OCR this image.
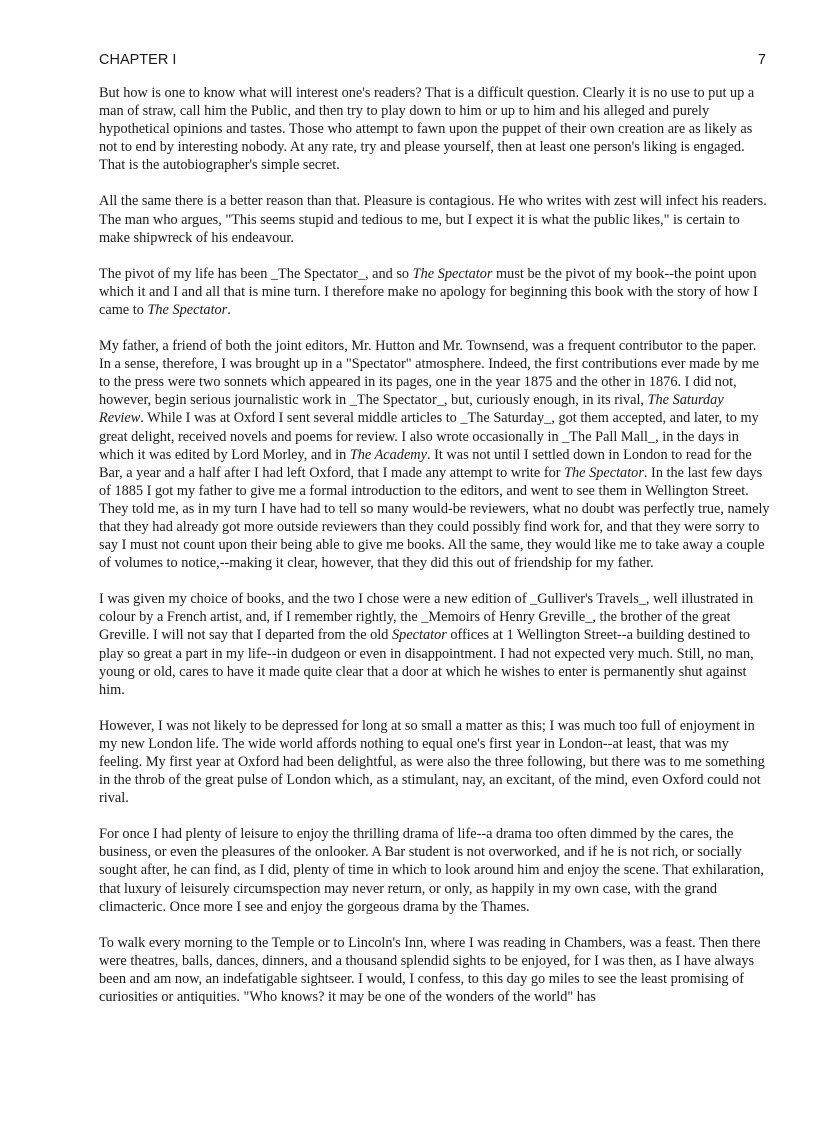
CHAPTER I	7

But how is one to know what will interest one's readers? That is a difficult question. Clearly it is no use to put up a man of straw, call him the Public, and then try to play down to him or up to him and his alleged and purely hypothetical opinions and tastes. Those who attempt to fawn upon the puppet of their own creation are as likely as not to end by interesting nobody. At any rate, try and please yourself, then at least one person's liking is engaged. That is the autobiographer's simple secret.

All the same there is a better reason than that. Pleasure is contagious. He who writes with zest will infect his readers. The man who argues, "This seems stupid and tedious to me, but I expect it is what the public likes," is certain to make shipwreck of his endeavour.

The pivot of my life has been _The Spectator_, and so The Spectator must be the pivot of my book--the point upon which it and I and all that is mine turn. I therefore make no apology for beginning this book with the story of how I came to The Spectator.

My father, a friend of both the joint editors, Mr. Hutton and Mr. Townsend, was a frequent contributor to the paper. In a sense, therefore, I was brought up in a "Spectator" atmosphere. Indeed, the first contributions ever made by me to the press were two sonnets which appeared in its pages, one in the year 1875 and the other in 1876. I did not, however, begin serious journalistic work in _The Spectator_, but, curiously enough, in its rival, The Saturday Review. While I was at Oxford I sent several middle articles to _The Saturday_, got them accepted, and later, to my great delight, received novels and poems for review. I also wrote occasionally in _The Pall Mall_, in the days in which it was edited by Lord Morley, and in The Academy. It was not until I settled down in London to read for the Bar, a year and a half after I had left Oxford, that I made any attempt to write for The Spectator. In the last few days of 1885 I got my father to give me a formal introduction to the editors, and went to see them in Wellington Street. They told me, as in my turn I have had to tell so many would-be reviewers, what no doubt was perfectly true, namely that they had already got more outside reviewers than they could possibly find work for, and that they were sorry to say I must not count upon their being able to give me books. All the same, they would like me to take away a couple of volumes to notice,--making it clear, however, that they did this out of friendship for my father.

I was given my choice of books, and the two I chose were a new edition of _Gulliver's Travels_, well illustrated in colour by a French artist, and, if I remember rightly, the _Memoirs of Henry Greville_, the brother of the great Greville. I will not say that I departed from the old Spectator offices at 1 Wellington Street--a building destined to play so great a part in my life--in dudgeon or even in disappointment. I had not expected very much. Still, no man, young or old, cares to have it made quite clear that a door at which he wishes to enter is permanently shut against him.

However, I was not likely to be depressed for long at so small a matter as this; I was much too full of enjoyment in my new London life. The wide world affords nothing to equal one's first year in London--at least, that was my feeling. My first year at Oxford had been delightful, as were also the three following, but there was to me something in the throb of the great pulse of London which, as a stimulant, nay, an excitant, of the mind, even Oxford could not rival.

For once I had plenty of leisure to enjoy the thrilling drama of life--a drama too often dimmed by the cares, the business, or even the pleasures of the onlooker. A Bar student is not overworked, and if he is not rich, or socially sought after, he can find, as I did, plenty of time in which to look around him and enjoy the scene. That exhilaration, that luxury of leisurely circumspection may never return, or only, as happily in my own case, with the grand climacteric. Once more I see and enjoy the gorgeous drama by the Thames.

To walk every morning to the Temple or to Lincoln's Inn, where I was reading in Chambers, was a feast. Then there were theatres, balls, dances, dinners, and a thousand splendid sights to be enjoyed, for I was then, as I have always been and am now, an indefatigable sightseer. I would, I confess, to this day go miles to see the least promising of curiosities or antiquities. "Who knows? it may be one of the wonders of the world" has
